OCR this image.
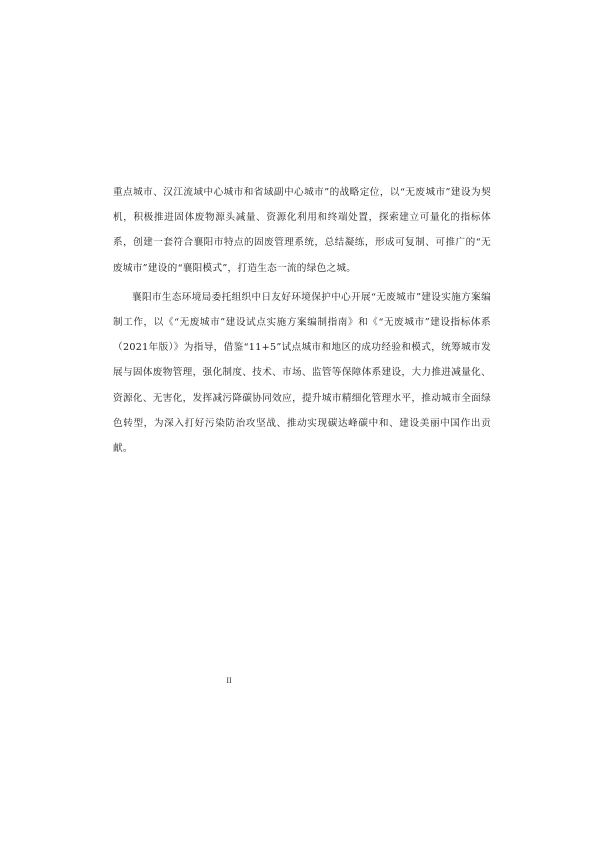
重点城市、汉江流域中心城市和省域副中心城市”的战略定位，以“无废城市”建设为契机，积极推进固体废物源头减量、资源化利用和终端处置，探索建立可量化的指标体系，创建一套符合襄阳市特点的固废管理系统，总结凝练，形成可复制、可推广的“无废城市”建设的“襄阳模式”，打造生态一流的绿色之城。

襄阳市生态环境局委托组织中日友好环境保护中心开展“无废城市”建设实施方案编制工作，以《“无废城市”建设试点实施方案编制指南》和《“无废城市”建设指标体系（2021年版）》为指导，借鉴“11+5”试点城市和地区的成功经验和模式，统筹城市发展与固体废物管理，强化制度、技术、市场、监管等保障体系建设，大力推进减量化、资源化、无害化，发挥减污降碳协同效应，提升城市精细化管理水平，推动城市全面绿色转型，为深入打好污染防治攻坚战、推动实现碳达峰碳中和、建设美丽中国作出贡献。

II
